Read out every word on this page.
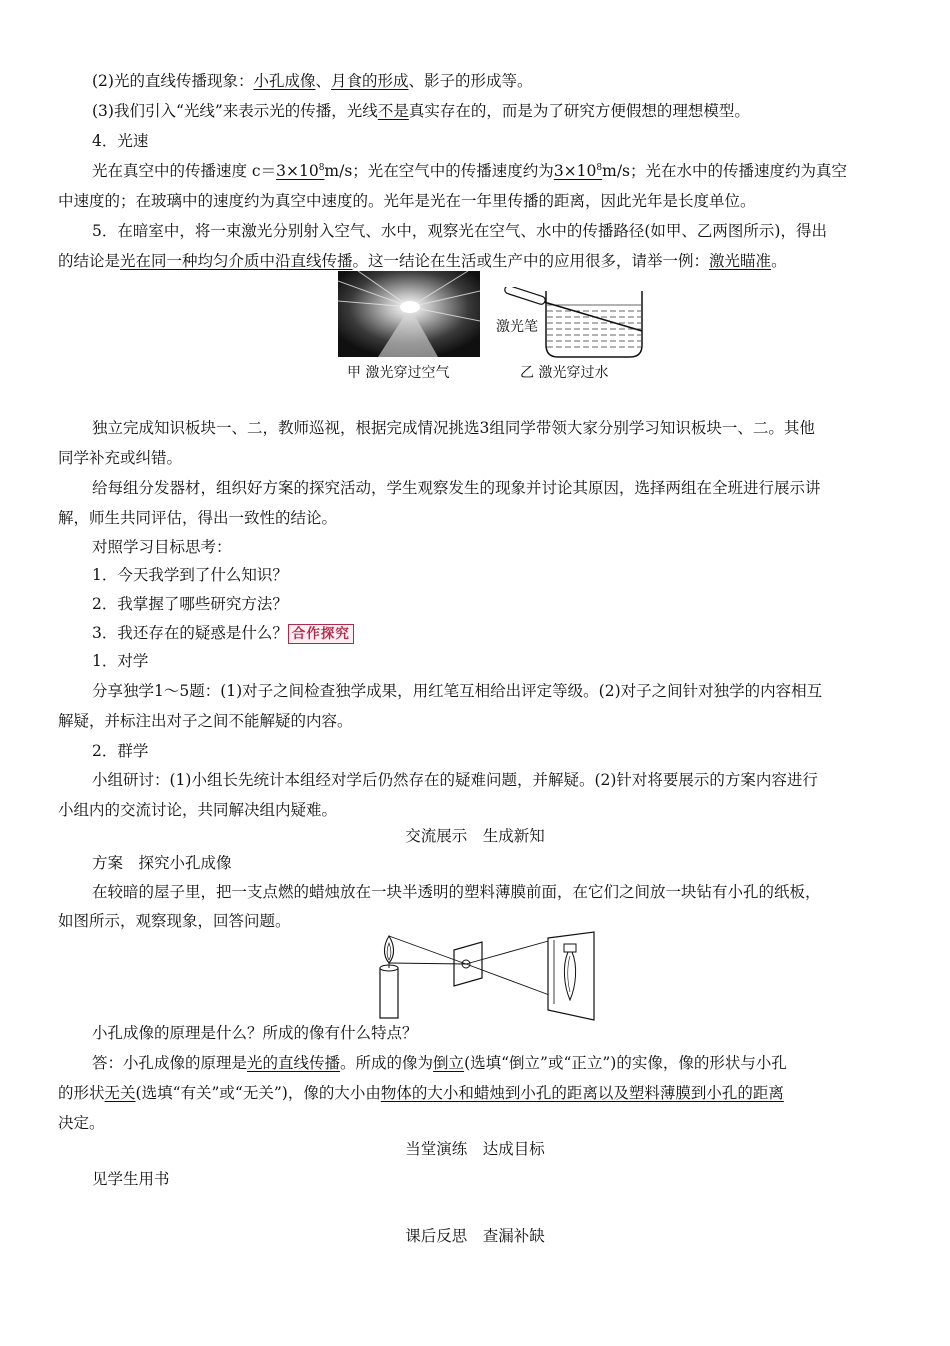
(2)光的直线传播现象：小孔成像、月食的形成、影子的形成等。
(3)我们引入“光线”来表示光的传播，光线不是真实存在的，而是为了研究方便假想的理想模型。
4．光速
光在真空中的传播速度 $c=3\times 10^8m/s$；光在空气中的传播速度约为$3\times 10^8m/s$；光在水中的传播速度约为真空
中速度的；在玻璃中的速度约为真空中速度的。光年是光在一年里传播的距离，因此光年是长度单位。
5．在暗室中，将一束激光分别射入空气、水中，观察光在空气、水中的传播路径(如甲、乙两图所示)，得出
的结论是光在同一种均匀介质中沿直线传播。这一结论在生活或生产中的应用很多，请举一例：激光瞄准。
激光笔
甲 激光穿过空气	乙 激光穿过水
独立完成知识板块一、二，教师巡视，根据完成情况挑选3组同学带领大家分别学习知识板块一、二。其他
同学补充或纠错。
给每组分发器材，组织好方案的探究活动，学生观察发生的现象并讨论其原因，选择两组在全班进行展示讲
解，师生共同评估，得出一致性的结论。
对照学习目标思考：
1．今天我学到了什么知识？
2．我掌握了哪些研究方法？
3．我还存在的疑惑是什么？ 合作探究
1．对学
分享独学1～5题：(1)对子之间检查独学成果，用红笔互相给出评定等级。(2)对子之间针对独学的内容相互
解疑，并标注出对子之间不能解疑的内容。
2．群学
小组研讨：(1)小组长先统计本组经对学后仍然存在的疑难问题，并解疑。(2)针对将要展示的方案内容进行
小组内的交流讨论，共同解决组内疑难。
交流展示　生成新知
方案　探究小孔成像
在较暗的屋子里，把一支点燃的蜡烛放在一块半透明的塑料薄膜前面，在它们之间放一块钻有小孔的纸板，
如图所示，观察现象，回答问题。
小孔成像的原理是什么？所成的像有什么特点？
答：小孔成像的原理是光的直线传播。所成的像为倒立(选填“倒立”或“正立”)的实像，像的形状与小孔
的形状无关(选填“有关”或“无关”)，像的大小由物体的大小和蜡烛到小孔的距离以及塑料薄膜到小孔的距离
决定。
当堂演练　达成目标
见学生用书
课后反思　查漏补缺
